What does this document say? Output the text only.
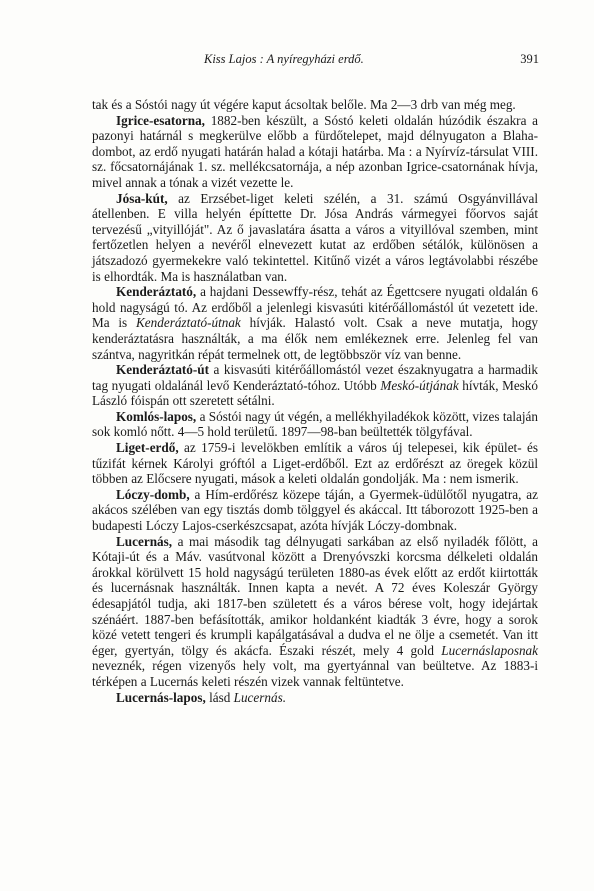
Kiss Lajos : A nyíregyházi erdő.	391

tak és a Sóstói nagy út végére kaput ácsoltak belőle. Ma 2—3 drb van még meg.

Igrice-esatorna, 1882-ben készült, a Sóstó keleti oldalán húzódik északra a pazonyi határnál s megkerülve előbb a fürdőtelepet, majd délnyugaton a Blaha-dombot, az erdő nyugati határán halad a kótaji határba. Ma : a Nyírvíz-társulat VIII. sz. főcsatornájának 1. sz. mellékcsatornája, a nép azonban Igrice-csatornának hívja, mivel annak a tónak a vizét vezette le.

Jósa-kút, az Erzsébet-liget keleti szélén, a 31. számú Osgyánvillával átellenben. E villa helyén építtette Dr. Jósa András vármegyei főorvos saját tervezésű „vityillóját". Az ő javaslatára ásatta a város a vityillóval szemben, mint fertőzetlen helyen a nevéről elnevezett kutat az erdőben sétálók, különösen a játszadozó gyermekekre való tekintettel. Kitűnő vizét a város legtávolabbi részébe is elhordták. Ma is használatban van.

Kenderáztató, a hajdani Dessewffy-rész, tehát az Égettcsere nyugati oldalán 6 hold nagyságú tó. Az erdőből a jelenlegi kisvasúti kitérőállomástól út vezetett ide. Ma is Kenderáztató-útnak hívják. Halastó volt. Csak a neve mutatja, hogy kenderáztatásra használták, a ma élők nem emlékeznek erre. Jelenleg fel van szántva, nagyritkán répát termelnek ott, de legtöbbször víz van benne.

Kenderáztató-út a kisvasúti kitérőállomástól vezet északnyugatra a harmadik tag nyugati oldalánál levő Kenderáztató-tóhoz. Utóbb Meskó-útjának hívták, Meskó László fóispán ott szeretett sétálni.

Komlós-lapos, a Sóstói nagy út végén, a mellékhyiladékok között, vizes talaján sok komló nőtt. 4—5 hold területű. 1897—98-ban beültették tölgyfával.

Liget-erdő, az 1759-i levelökben említik a város új telepesei, kik épület- és tűzifát kérnek Károlyi gróftól a Liget-erdőből. Ezt az erdőrészt az öregek közül többen az Előcsere nyugati, mások a keleti oldalán gondolják. Ma : nem ismerik.

Lóczy-domb, a Hím-erdőrész közepe táján, a Gyermek-üdülőtől nyugatra, az akácos szélében van egy tisztás domb tölggyel és akáccal. Itt táborozott 1925-ben a budapesti Lóczy Lajos-cserkészcsapat, azóta hívják Lóczy-dombnak.

Lucernás, a mai második tag délnyugati sarkában az első nyiladék főlött, a Kótaji-út és a Máv. vasútvonal között a Drenyóvszki korcsma délkeleti oldalán árokkal körülvett 15 hold nagyságú területen 1880-as évek előtt az erdőt kiirtották és lucernásnak használták. Innen kapta a nevét. A 72 éves Koleszár György édesapjától tudja, aki 1817-ben született és a város bérese volt, hogy idejártak szénáért. 1887-ben befásították, amikor holdanként kiadták 3 évre, hogy a sorok közé vetett tengeri és krumpli kapálgatásával a dudva el ne ölje a csemetét. Van itt éger, gyertyán, tölgy és akácfa. Északi részét, mely 4 gold Lucernáslaposnak neveznék, régen vizenyős hely volt, ma gyertyánnal van beültetve. Az 1883-i térképen a Lucernás keleti részén vizek vannak feltüntetve.

Lucernás-lapos, lásd Lucernás.
